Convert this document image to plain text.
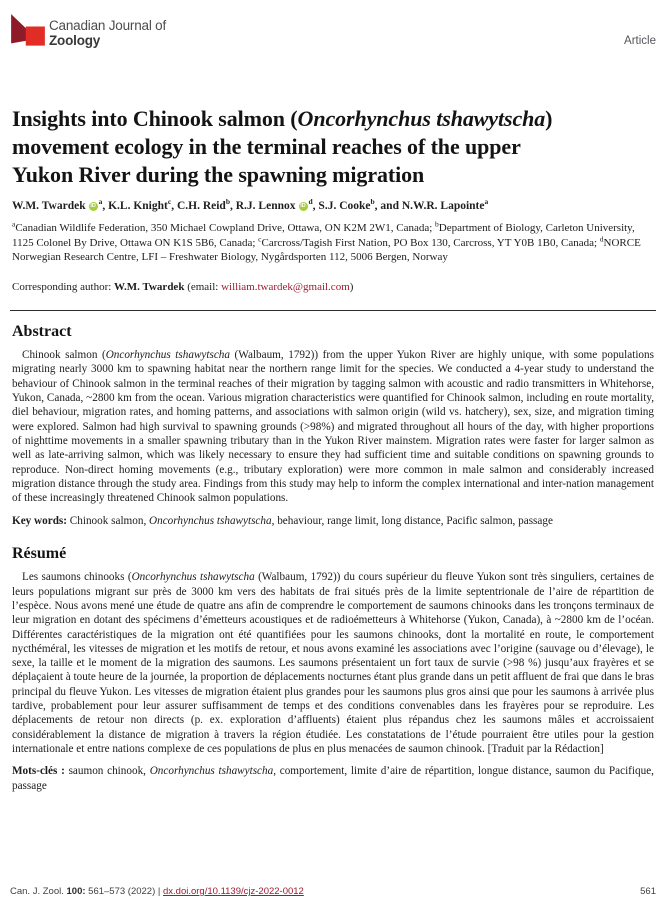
Canadian Journal of
Zoology	Article
Insights into Chinook salmon (Oncorhynchus tshawytscha)
movement ecology in the terminal reaches of the upper
Yukon River during the spawning migration

W.M. Twardek iD $^a$, K.L. Knight$^c$, C.H. Reid$^b$, R.J. Lennox iD $^d$, S.J. Cooke$^b$, and N.W.R. Lapointe$^a$

$^a$Canadian Wildlife Federation, 350 Michael Cowpland Drive, Ottawa, ON K2M 2W1, Canada; $^b$Department of Biology, Carleton University, 1125 Colonel By Drive, Ottawa ON K1S 5B6, Canada; $^c$Carcross/Tagish First Nation, PO Box 130, Carcross, YT Y0B 1B0, Canada; $^d$NORCE Norwegian Research Centre, LFI – Freshwater Biology, Nygårdsporten 112, 5006 Bergen, Norway

Corresponding author: W.M. Twardek (email: william.twardek@gmail.com)

Abstract

Chinook salmon (Oncorhynchus tshawytscha (Walbaum, 1792)) from the upper Yukon River are highly unique, with some populations migrating nearly 3000 km to spawning habitat near the northern range limit for the species. We conducted a 4-year study to understand the behaviour of Chinook salmon in the terminal reaches of their migration by tagging salmon with acoustic and radio transmitters in Whitehorse, Yukon, Canada, ~2800 km from the ocean. Various migration characteristics were quantified for Chinook salmon, including en route mortality, diel behaviour, migration rates, and homing patterns, and associations with salmon origin (wild vs. hatchery), sex, size, and migration timing were explored. Salmon had high survival to spawning grounds (>98%) and migrated throughout all hours of the day, with higher proportions of nighttime movements in a smaller spawning tributary than in the Yukon River mainstem. Migration rates were faster for larger salmon as well as late-arriving salmon, which was likely necessary to ensure they had sufficient time and suitable conditions on spawning grounds to reproduce. Non-direct homing movements (e.g., tributary exploration) were more common in male salmon and considerably increased migration distance through the study area. Findings from this study may help to inform the complex international and inter-nation management of these increasingly threatened Chinook salmon populations.

Key words: Chinook salmon, Oncorhynchus tshawytscha, behaviour, range limit, long distance, Pacific salmon, passage

Résumé

Les saumons chinooks (Oncorhynchus tshawytscha (Walbaum, 1792)) du cours supérieur du fleuve Yukon sont très singuliers, certaines de leurs populations migrant sur près de 3000 km vers des habitats de frai situés près de la limite septentrionale de l’aire de répartition de l’espèce. Nous avons mené une étude de quatre ans afin de comprendre le comportement de saumons chinooks dans les tronçons terminaux de leur migration en dotant des spécimens d’émetteurs acoustiques et de radioémetteurs à Whitehorse (Yukon, Canada), à ~2800 km de l’océan. Différentes caractéristiques de la migration ont été quantifiées pour les saumons chinooks, dont la mortalité en route, le comportement nycthéméral, les vitesses de migration et les motifs de retour, et nous avons examiné les associations avec l’origine (sauvage ou d’élevage), le sexe, la taille et le moment de la migration des saumons. Les saumons présentaient un fort taux de survie (>98 %) jusqu’aux frayères et se déplaçaient à toute heure de la journée, la proportion de déplacements nocturnes étant plus grande dans un petit affluent de frai que dans le bras principal du fleuve Yukon. Les vitesses de migration étaient plus grandes pour les saumons plus gros ainsi que pour les saumons à arrivée plus tardive, probablement pour leur assurer suffisamment de temps et des conditions convenables dans les frayères pour se reproduire. Les déplacements de retour non directs (p. ex. exploration d’affluents) étaient plus répandus chez les saumons mâles et accroissaient considérablement la distance de migration à travers la région étudiée. Les constatations de l’étude pourraient être utiles pour la gestion internationale et entre nations complexe de ces populations de plus en plus menacées de saumon chinook. [Traduit par la Rédaction]

Mots-clés : saumon chinook, Oncorhynchus tshawytscha, comportement, limite d’aire de répartition, longue distance, saumon du Pacifique, passage

Can. J. Zool. 100: 561–573 (2022) | dx.doi.org/10.1139/cjz-2022-0012	561
